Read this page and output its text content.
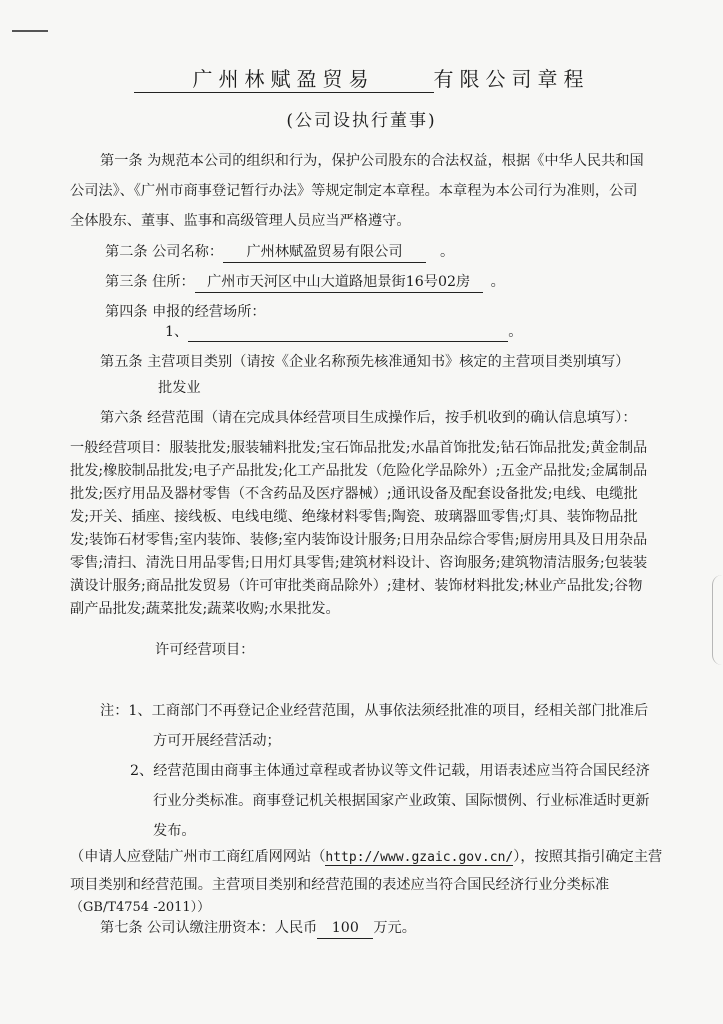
广州林赋盈贸易	有限公司章程
(公司设执行董事)
第一条 为规范本公司的组织和行为，保护公司股东的合法权益，根据《中华人民共和国
公司法》、《广州市商事登记暂行办法》等规定制定本章程。本章程为本公司行为准则，公司
全体股东、董事、监事和高级管理人员应当严格遵守。
第二条 公司名称： 广州林赋盈贸易有限公司	。
第三条 住所： 广州市天河区中山大道路旭景街16号02房 。
第四条 申报的经营场所：
1、	。
第五条 主营项目类别（请按《企业名称预先核准通知书》核定的主营项目类别填写）
批发业
第六条 经营范围（请在完成具体经营项目生成操作后，按手机收到的确认信息填写）：
一般经营项目：服装批发;服装辅料批发;宝石饰品批发;水晶首饰批发;钻石饰品批发;黄金制品
批发;橡胶制品批发;电子产品批发;化工产品批发（危险化学品除外）;五金产品批发;金属制品
批发;医疗用品及器材零售（不含药品及医疗器械）;通讯设备及配套设备批发;电线、电缆批
发;开关、插座、接线板、电线电缆、绝缘材料零售;陶瓷、玻璃器皿零售;灯具、装饰物品批
发;装饰石材零售;室内装饰、装修;室内装饰设计服务;日用杂品综合零售;厨房用具及日用杂品
零售;清扫、清洗日用品零售;日用灯具零售;建筑材料设计、咨询服务;建筑物清洁服务;包装装
潢设计服务;商品批发贸易（许可审批类商品除外）;建材、装饰材料批发;林业产品批发;谷物
副产品批发;蔬菜批发;蔬菜收购;水果批发。
许可经营项目：
注：1、工商部门不再登记企业经营范围，从事依法须经批准的项目，经相关部门批准后
方可开展经营活动；
2、经营范围由商事主体通过章程或者协议等文件记载，用语表述应当符合国民经济
行业分类标准。商事登记机关根据国家产业政策、国际惯例、行业标准适时更新
发布。
（申请人应登陆广州市工商红盾网网站（http://www.gzaic.gov.cn/），按照其指引确定主营
项目类别和经营范围。主营项目类别和经营范围的表述应当符合国民经济行业分类标准
（GB/T4754 -2011））
第七条 公司认缴注册资本：人民币 100 万元。
